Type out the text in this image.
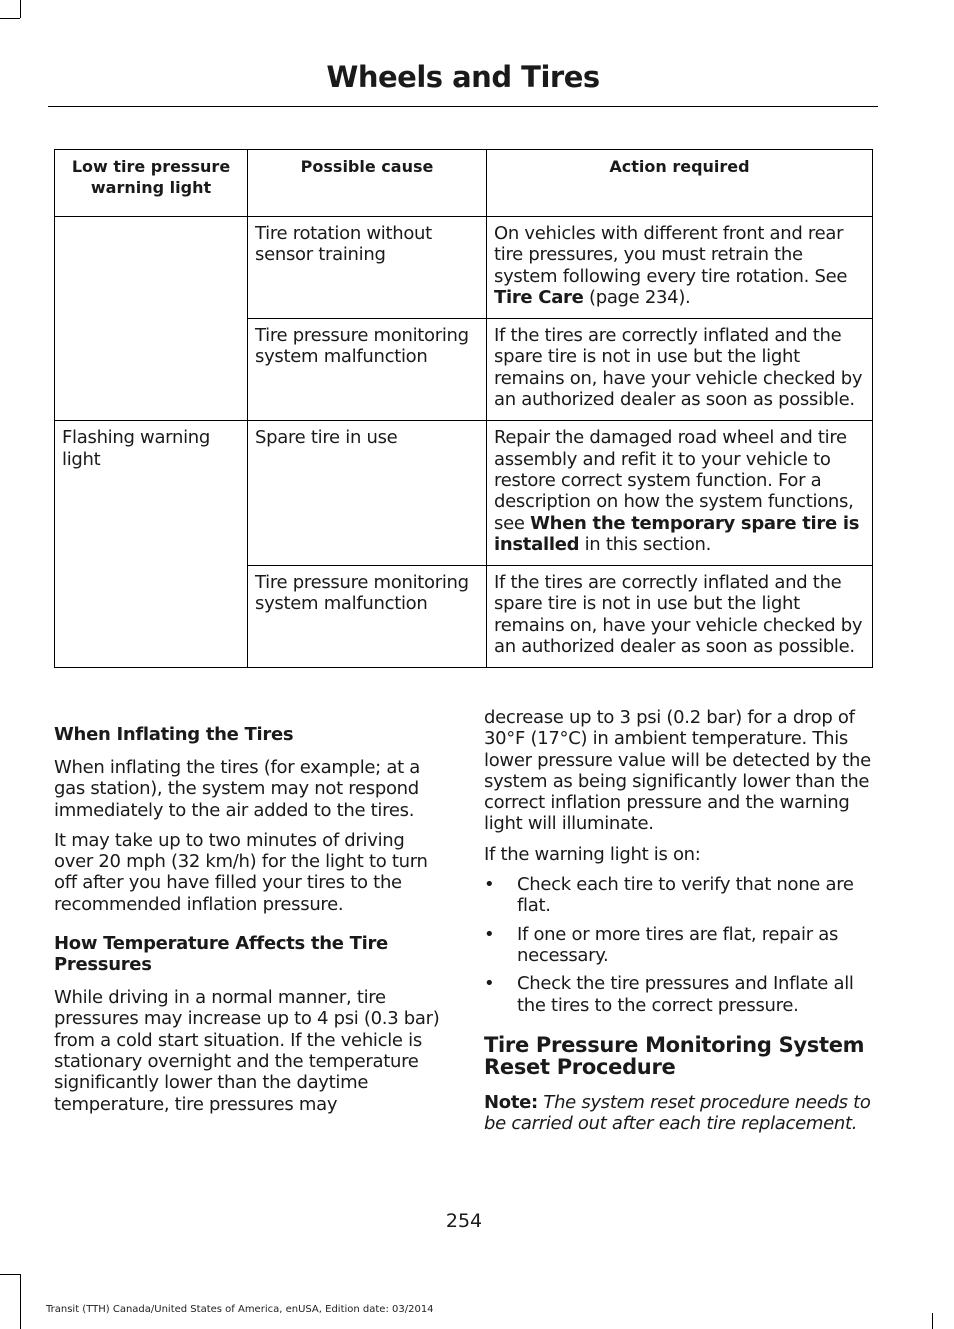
Wheels and Tires
Low tire pressure warning light	Possible cause	Action required
	Tire rotation without sensor training	On vehicles with different front and rear tire pressures, you must retrain the system following every tire rotation. See Tire Care (page 234).
	Tire pressure monitoring system malfunction	If the tires are correctly inflated and the spare tire is not in use but the light remains on, have your vehicle checked by an authorized dealer as soon as possible.
Flashing warning light	Spare tire in use	Repair the damaged road wheel and tire assembly and refit it to your vehicle to restore correct system function. For a description on how the system functions, see When the temporary spare tire is installed in this section.
	Tire pressure monitoring system malfunction	If the tires are correctly inflated and the spare tire is not in use but the light remains on, have your vehicle checked by an authorized dealer as soon as possible.
When Inflating the Tires

When inflating the tires (for example; at a gas station), the system may not respond immediately to the air added to the tires.

It may take up to two minutes of driving over 20 mph (32 km/h) for the light to turn off after you have filled your tires to the recommended inflation pressure.

How Temperature Affects the Tire Pressures

While driving in a normal manner, tire pressures may increase up to 4 psi (0.3 bar) from a cold start situation. If the vehicle is stationary overnight and the temperature significantly lower than the daytime temperature, tire pressures may

decrease up to 3 psi (0.2 bar) for a drop of 30°F (17°C) in ambient temperature. This lower pressure value will be detected by the system as being significantly lower than the correct inflation pressure and the warning light will illuminate.

If the warning light is on:

•	Check each tire to verify that none are flat.
•	If one or more tires are flat, repair as necessary.
•	Check the tire pressures and Inflate all the tires to the correct pressure.
Tire Pressure Monitoring System Reset Procedure

Note: The system reset procedure needs to be carried out after each tire replacement.

254
Transit (TTH) Canada/United States of America, enUSA, Edition date: 03/2014
